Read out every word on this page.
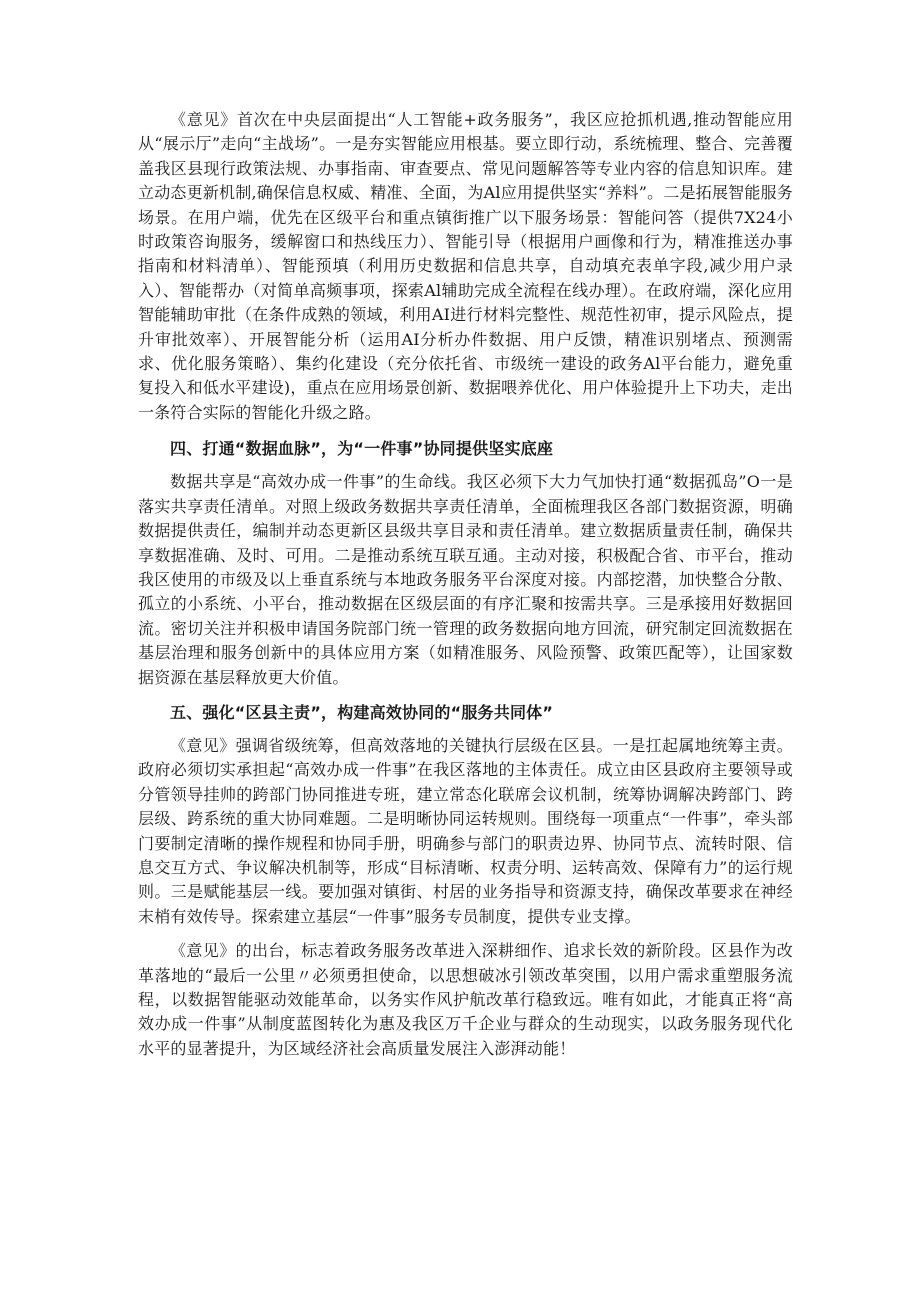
《意见》首次在中央层面提出“人工智能+政务服务”，我区应抢抓机遇,推动智能应用从“展示厅”走向“主战场”。一是夯实智能应用根基。要立即行动，系统梳理、整合、完善覆盖我区县现行政策法规、办事指南、审查要点、常见问题解答等专业内容的信息知识库。建立动态更新机制,确保信息权威、精准、全面，为Al应用提供坚实“养料”。二是拓展智能服务场景。在用户端，优先在区级平台和重点镇街推广以下服务场景：智能问答（提供7X24小时政策咨询服务，缓解窗口和热线压力）、智能引导（根据用户画像和行为，精准推送办事指南和材料清单）、智能预填（利用历史数据和信息共享，自动填充表单字段,减少用户录入）、智能帮办（对简单高频事项，探索Al辅助完成全流程在线办理）。在政府端，深化应用智能辅助审批（在条件成熟的领域，利用AI进行材料完整性、规范性初审，提示风险点，提升审批效率）、开展智能分析（运用AI分析办件数据、用户反馈，精准识别堵点、预测需求、优化服务策略）、集约化建设（充分依托省、市级统一建设的政务Al平台能力，避免重复投入和低水平建设)，重点在应用场景创新、数据喂养优化、用户体验提升上下功夫，走出一条符合实际的智能化升级之路。

四、打通“数据血脉”，为“一件事”协同提供坚实底座

数据共享是“高效办成一件事”的生命线。我区必须下大力气加快打通“数据孤岛”O一是落实共享责任清单。对照上级政务数据共享责任清单，全面梳理我区各部门数据资源，明确数据提供责任，编制并动态更新区县级共享目录和责任清单。建立数据质量责任制，确保共享数据准确、及时、可用。二是推动系统互联互通。主动对接，积极配合省、市平台，推动我区使用的市级及以上垂直系统与本地政务服务平台深度对接。内部挖潜，加快整合分散、孤立的小系统、小平台，推动数据在区级层面的有序汇聚和按需共享。三是承接用好数据回流。密切关注并积极申请国务院部门统一管理的政务数据向地方回流，研究制定回流数据在基层治理和服务创新中的具体应用方案（如精准服务、风险预警、政策匹配等），让国家数据资源在基层释放更大价值。

五、强化“区县主责”，构建高效协同的“服务共同体”

《意见》强调省级统筹，但高效落地的关键执行层级在区县。一是扛起属地统筹主责。政府必须切实承担起“高效办成一件事”在我区落地的主体责任。成立由区县政府主要领导或分管领导挂帅的跨部门协同推进专班，建立常态化联席会议机制，统筹协调解决跨部门、跨层级、跨系统的重大协同难题。二是明晰协同运转规则。围绕每一项重点“一件事”，牵头部门要制定清晰的操作规程和协同手册，明确参与部门的职责边界、协同节点、流转时限、信息交互方式、争议解决机制等，形成“目标清晰、权责分明、运转高效、保障有力”的运行规则。三是赋能基层一线。要加强对镇街、村居的业务指导和资源支持，确保改革要求在神经末梢有效传导。探索建立基层“一件事”服务专员制度，提供专业支撑。

《意见》的出台，标志着政务服务改革进入深耕细作、追求长效的新阶段。区县作为改革落地的“最后一公里〃必须勇担使命，以思想破冰引领改革突围，以用户需求重塑服务流程，以数据智能驱动效能革命，以务实作风护航改革行稳致远。唯有如此，才能真正将“高效办成一件事”从制度蓝图转化为惠及我区万千企业与群众的生动现实，以政务服务现代化水平的显著提升，为区域经济社会高质量发展注入澎湃动能！
